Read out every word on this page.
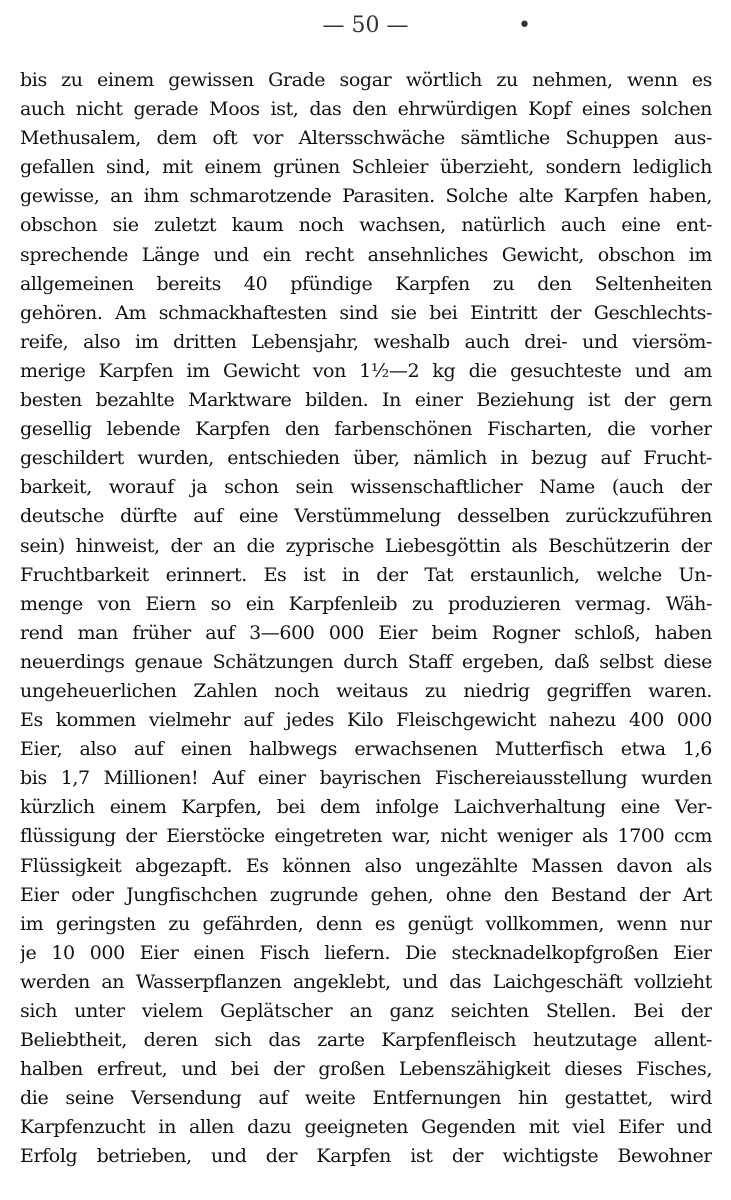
— 50 —	•
bis zu einem gewissen Grade sogar wörtlich zu nehmen, wenn es
auch nicht gerade Moos ist, das den ehrwürdigen Kopf eines solchen
Methusalem, dem oft vor Altersschwäche sämtliche Schuppen aus-
gefallen sind, mit einem grünen Schleier überzieht, sondern lediglich
gewisse, an ihm schmarotzende Parasiten. Solche alte Karpfen haben,
obschon sie zuletzt kaum noch wachsen, natürlich auch eine ent-
sprechende Länge und ein recht ansehnliches Gewicht, obschon im
allgemeinen bereits 40 pfündige Karpfen zu den Seltenheiten
gehören. Am schmackhaftesten sind sie bei Eintritt der Geschlechts-
reife, also im dritten Lebensjahr, weshalb auch drei- und viersöm-
merige Karpfen im Gewicht von 1½—2 kg die gesuchteste und am
besten bezahlte Marktware bilden. In einer Beziehung ist der gern
gesellig lebende Karpfen den farbenschönen Fischarten, die vorher
geschildert wurden, entschieden über, nämlich in bezug auf Frucht-
barkeit, worauf ja schon sein wissenschaftlicher Name (auch der
deutsche dürfte auf eine Verstümmelung desselben zurückzuführen
sein) hinweist, der an die zyprische Liebesgöttin als Beschützerin der
Fruchtbarkeit erinnert. Es ist in der Tat erstaunlich, welche Un-
menge von Eiern so ein Karpfenleib zu produzieren vermag. Wäh-
rend man früher auf 3—600 000 Eier beim Rogner schloß, haben
neuerdings genaue Schätzungen durch Staff ergeben, daß selbst diese
ungeheuerlichen Zahlen noch weitaus zu niedrig gegriffen waren.
Es kommen vielmehr auf jedes Kilo Fleischgewicht nahezu 400 000
Eier, also auf einen halbwegs erwachsenen Mutterfisch etwa 1,6
bis 1,7 Millionen! Auf einer bayrischen Fischereiausstellung wurden
kürzlich einem Karpfen, bei dem infolge Laichverhaltung eine Ver-
flüssigung der Eierstöcke eingetreten war, nicht weniger als 1700 ccm
Flüssigkeit abgezapft. Es können also ungezählte Massen davon als
Eier oder Jungfischchen zugrunde gehen, ohne den Bestand der Art
im geringsten zu gefährden, denn es genügt vollkommen, wenn nur
je 10 000 Eier einen Fisch liefern. Die stecknadelkopfgroßen Eier
werden an Wasserpflanzen angeklebt, und das Laichgeschäft vollzieht
sich unter vielem Geplätscher an ganz seichten Stellen. Bei der
Beliebtheit, deren sich das zarte Karpfenfleisch heutzutage allent-
halben erfreut, und bei der großen Lebenszähigkeit dieses Fisches,
die seine Versendung auf weite Entfernungen hin gestattet, wird
Karpfenzucht in allen dazu geeigneten Gegenden mit viel Eifer und
Erfolg betrieben, und der Karpfen ist der wichtigste Bewohner
